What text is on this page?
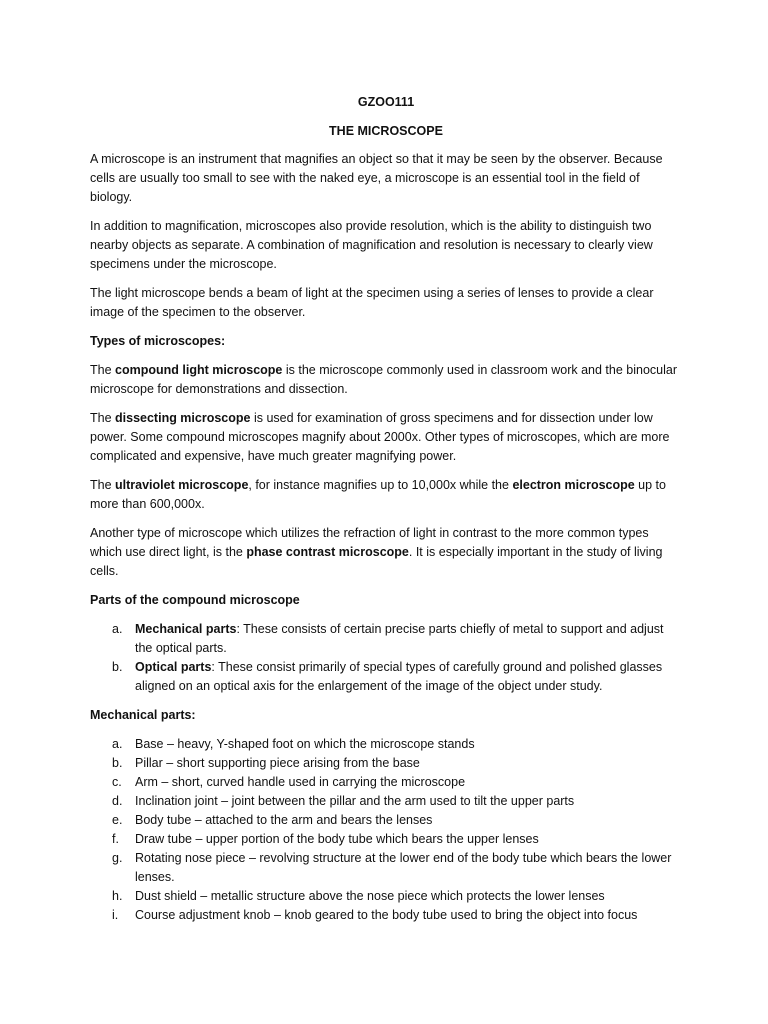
GZOO111

THE MICROSCOPE

A microscope is an instrument that magnifies an object so that it may be seen by the observer. Because cells are usually too small to see with the naked eye, a microscope is an essential tool in the field of biology.

In addition to magnification, microscopes also provide resolution, which is the ability to distinguish two nearby objects as separate. A combination of magnification and resolution is necessary to clearly view specimens under the microscope.

The light microscope bends a beam of light at the specimen using a series of lenses to provide a clear image of the specimen to the observer.

Types of microscopes:

The compound light microscope is the microscope commonly used in classroom work and the binocular microscope for demonstrations and dissection.

The dissecting microscope is used for examination of gross specimens and for dissection under low power. Some compound microscopes magnify about 2000x. Other types of microscopes, which are more complicated and expensive, have much greater magnifying power.

The ultraviolet microscope, for instance magnifies up to 10,000x while the electron microscope up to more than 600,000x.

Another type of microscope which utilizes the refraction of light in contrast to the more common types which use direct light, is the phase contrast microscope. It is especially important in the study of living cells.

Parts of the compound microscope

a. Mechanical parts: These consists of certain precise parts chiefly of metal to support and adjust the optical parts.
b. Optical parts: These consist primarily of special types of carefully ground and polished glasses aligned on an optical axis for the enlargement of the image of the object under study.

Mechanical parts:

a. Base – heavy, Y-shaped foot on which the microscope stands
b. Pillar – short supporting piece arising from the base
c. Arm – short, curved handle used in carrying the microscope
d. Inclination joint – joint between the pillar and the arm used to tilt the upper parts
e. Body tube – attached to the arm and bears the lenses
f. Draw tube – upper portion of the body tube which bears the upper lenses
g. Rotating nose piece – revolving structure at the lower end of the body tube which bears the lower lenses.
h. Dust shield – metallic structure above the nose piece which protects the lower lenses
i. Course adjustment knob – knob geared to the body tube used to bring the object into focus
